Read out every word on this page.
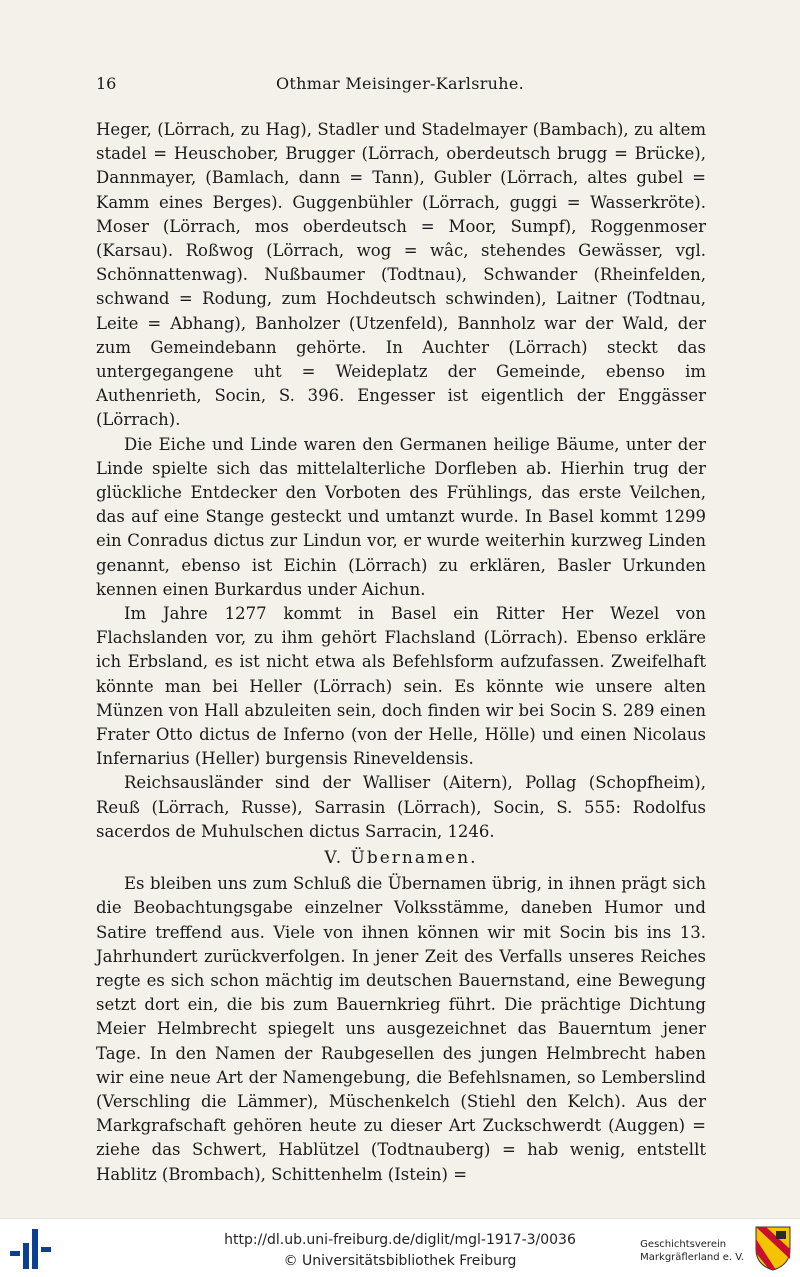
16	Othmar Meisinger-Karlsruhe.

Heger, (Lörrach, zu Hag), Stadler und Stadelmayer (Bambach), zu altem stadel = Heuschober, Brugger (Lörrach, oberdeutsch brugg = Brücke), Dannmayer, (Bamlach, dann = Tann), Gubler (Lörrach, altes gubel = Kamm eines Berges). Guggenbühler (Lörrach, guggi = Wasserkröte). Moser (Lörrach, mos oberdeutsch = Moor, Sumpf), Roggenmoser (Karsau). Roßwog (Lörrach, wog = wâc, stehendes Gewässer, vgl. Schönnattenwag). Nußbaumer (Todtnau), Schwander (Rheinfelden, schwand = Rodung, zum Hochdeutsch schwinden), Laitner (Todtnau, Leite = Abhang), Banholzer (Utzenfeld), Bannholz war der Wald, der zum Gemeindebann gehörte. In Auchter (Lörrach) steckt das untergegangene uht = Weideplatz der Gemeinde, ebenso im Authenrieth, Socin, S. 396. Engesser ist eigentlich der Enggässer (Lörrach).

Die Eiche und Linde waren den Germanen heilige Bäume, unter der Linde spielte sich das mittelalterliche Dorfleben ab. Hierhin trug der glückliche Entdecker den Vorboten des Frühlings, das erste Veilchen, das auf eine Stange gesteckt und umtanzt wurde. In Basel kommt 1299 ein Conradus dictus zur Lindun vor, er wurde weiterhin kurzweg Linden genannt, ebenso ist Eichin (Lörrach) zu erklären, Basler Urkunden kennen einen Burkardus under Aichun.

Im Jahre 1277 kommt in Basel ein Ritter Her Wezel von Flachslanden vor, zu ihm gehört Flachsland (Lörrach). Ebenso erkläre ich Erbsland, es ist nicht etwa als Befehlsform aufzufassen. Zweifelhaft könnte man bei Heller (Lörrach) sein. Es könnte wie unsere alten Münzen von Hall abzuleiten sein, doch finden wir bei Socin S. 289 einen Frater Otto dictus de Inferno (von der Helle, Hölle) und einen Nicolaus Infernarius (Heller) burgensis Rineveldensis.

Reichsausländer sind der Walliser (Aitern), Pollag (Schopfheim), Reuß (Lörrach, Russe), Sarrasin (Lörrach), Socin, S. 555: Rodolfus sacerdos de Muhulschen dictus Sarracin, 1246.

V. Übernamen.

Es bleiben uns zum Schluß die Übernamen übrig, in ihnen prägt sich die Beobachtungsgabe einzelner Volksstämme, daneben Humor und Satire treffend aus. Viele von ihnen können wir mit Socin bis ins 13. Jahrhundert zurückverfolgen. In jener Zeit des Verfalls unseres Reiches regte es sich schon mächtig im deutschen Bauernstand, eine Bewegung setzt dort ein, die bis zum Bauernkrieg führt. Die prächtige Dichtung Meier Helmbrecht spiegelt uns ausgezeichnet das Bauerntum jener Tage. In den Namen der Raubgesellen des jungen Helmbrecht haben wir eine neue Art der Namengebung, die Befehlsnamen, so Lemberslind (Verschling die Lämmer), Müschenkelch (Stiehl den Kelch). Aus der Markgrafschaft gehören heute zu dieser Art Zuckschwerdt (Auggen) = ziehe das Schwert, Hablützel (Todtnauberg) = hab wenig, entstellt Hablitz (Brombach), Schittenhelm (Istein) =

http://dl.ub.uni-freiburg.de/diglit/mgl-1917-3/0036
© Universitätsbibliothek Freiburg
Geschichtsverein
Markgräflerland e. V.
